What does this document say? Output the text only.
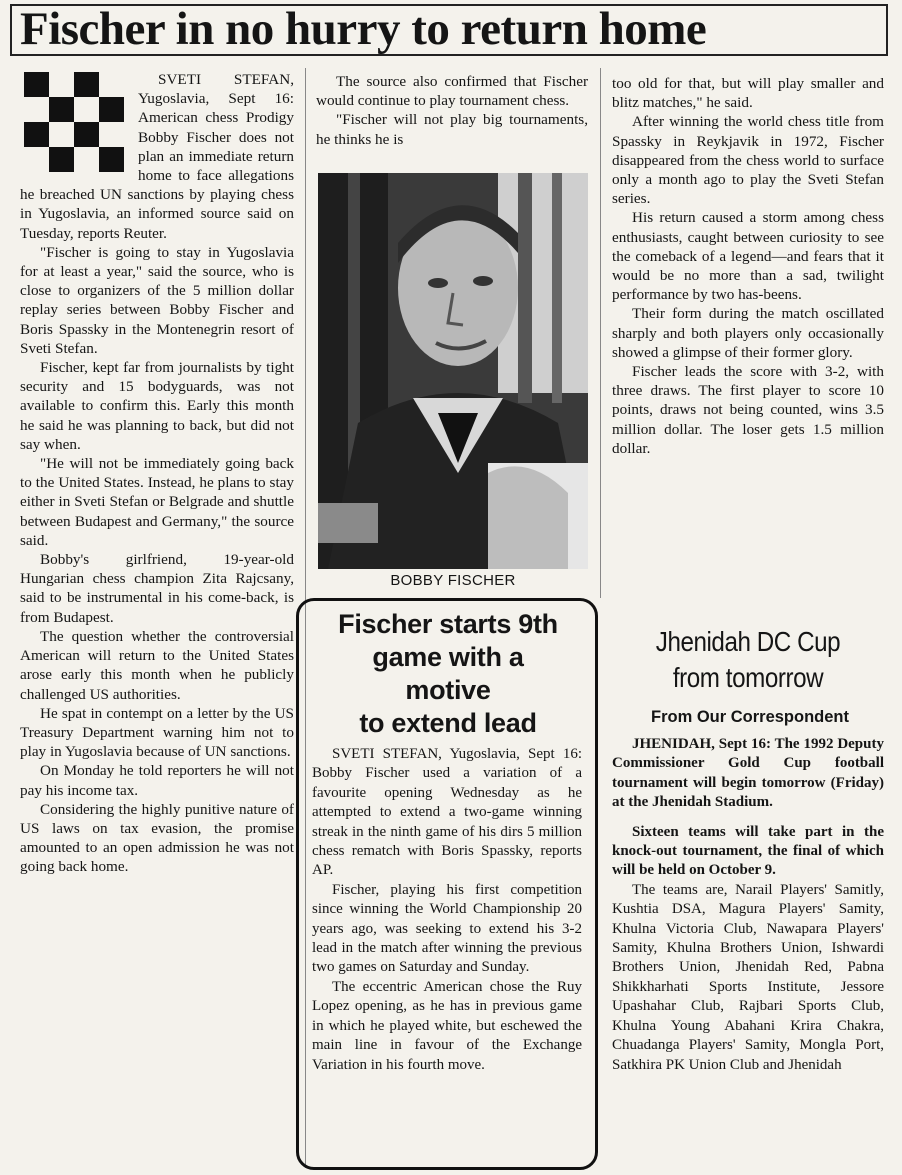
Fischer in no hurry to return home

SVETI STEFAN, Yugoslavia, Sept 16: American chess Prodigy Bobby Fischer does not plan an immediate return home to face allegations he breached UN sanctions by playing chess in Yugoslavia, an informed source said on Tuesday, reports Reuter.

"Fischer is going to stay in Yugoslavia for at least a year," said the source, who is close to organizers of the 5 million dollar replay series between Bobby Fischer and Boris Spassky in the Montenegrin resort of Sveti Stefan.

Fischer, kept far from journalists by tight security and 15 bodyguards, was not available to confirm this. Early this month he said he was planning to back, but did not say when.

"He will not be immediately going back to the United States. Instead, he plans to stay either in Sveti Stefan or Belgrade and shuttle between Budapest and Germany," the source said.

Bobby's girlfriend, 19-year-old Hungarian chess champion Zita Rajcsany, said to be instrumental in his come-back, is from Budapest.

The question whether the controversial American will return to the United States arose early this month when he publicly challenged US authorities.

He spat in contempt on a letter by the US Treasury Department warning him not to play in Yugoslavia because of UN sanctions.

On Monday he told reporters he will not pay his income tax.

Considering the highly punitive nature of US laws on tax evasion, the promise amounted to an open admission he was not going back home.

The source also confirmed that Fischer would continue to play tournament chess.

"Fischer will not play big tournaments, he thinks he is

BOBBY FISCHER

too old for that, but will play smaller and blitz matches," he said.

After winning the world chess title from Spassky in Reykjavik in 1972, Fischer disappeared from the chess world to surface only a month ago to play the Sveti Stefan series.

His return caused a storm among chess enthusiasts, caught between curiosity to see the comeback of a legend—and fears that it would be no more than a sad, twilight performance by two has-beens.

Their form during the match oscillated sharply and both players only occasionally showed a glimpse of their former glory.

Fischer leads the score with 3-2, with three draws. The first player to score 10 points, draws not being counted, wins 3.5 million dollar. The loser gets 1.5 million dollar.

Fischer starts 9th
game with a
motive
to extend lead

SVETI STEFAN, Yugoslavia, Sept 16: Bobby Fischer used a variation of a favourite opening Wednesday as he attempted to extend a two-game winning streak in the ninth game of his dirs 5 million chess rematch with Boris Spassky, reports AP.

Fischer, playing his first competition since winning the World Championship 20 years ago, was seeking to extend his 3-2 lead in the match after winning the previous two games on Saturday and Sunday.

The eccentric American chose the Ruy Lopez opening, as he has in previous game in which he played white, but eschewed the main line in favour of the Exchange Variation in his fourth move.

Jhenidah DC Cup
from tomorrow
From Our Correspondent

JHENIDAH, Sept 16: The 1992 Deputy Commissioner Gold Cup football tournament will begin tomorrow (Friday) at the Jhenidah Stadium.

Sixteen teams will take part in the knock-out tournament, the final of which will be held on October 9.

The teams are, Narail Players' Samitly, Kushtia DSA, Magura Players' Samity, Khulna Victoria Club, Nawapara Players' Samity, Khulna Brothers Union, Ishwardi Brothers Union, Jhenidah Red, Pabna Shikkharhati Sports Institute, Jessore Upashahar Club, Rajbari Sports Club, Khulna Young Abahani Krira Chakra, Chuadanga Players' Samity, Mongla Port, Satkhira PK Union Club and Jhenidah
